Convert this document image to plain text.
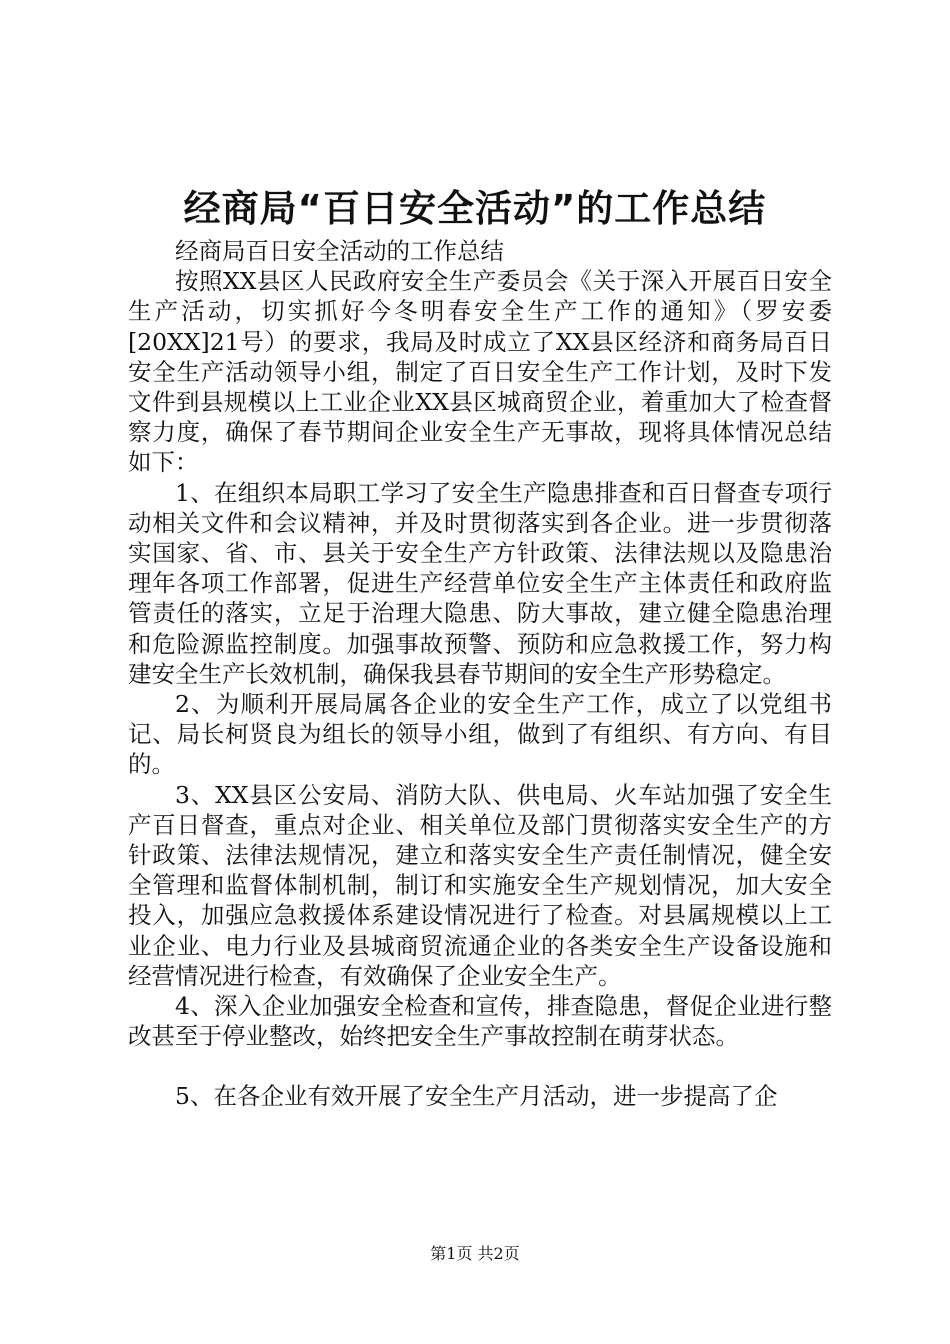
经商局“百日安全活动”的工作总结

经商局百日安全活动的工作总结

按照XX县区人民政府安全生产委员会《关于深入开展百日安全生产活动，切实抓好今冬明春安全生产工作的通知》（罗安委[20XX]21号）的要求，我局及时成立了XX县区经济和商务局百日安全生产活动领导小组，制定了百日安全生产工作计划，及时下发文件到县规模以上工业企业XX县区城商贸企业，着重加大了检查督察力度，确保了春节期间企业安全生产无事故，现将具体情况总结如下：

1、在组织本局职工学习了安全生产隐患排查和百日督查专项行动相关文件和会议精神，并及时贯彻落实到各企业。进一步贯彻落实国家、省、市、县关于安全生产方针政策、法律法规以及隐患治理年各项工作部署，促进生产经营单位安全生产主体责任和政府监管责任的落实，立足于治理大隐患、防大事故，建立健全隐患治理和危险源监控制度。加强事故预警、预防和应急救援工作，努力构建安全生产长效机制，确保我县春节期间的安全生产形势稳定。

2、为顺利开展局属各企业的安全生产工作，成立了以党组书记、局长柯贤良为组长的领导小组，做到了有组织、有方向、有目的。

3、XX县区公安局、消防大队、供电局、火车站加强了安全生产百日督查，重点对企业、相关单位及部门贯彻落实安全生产的方针政策、法律法规情况，建立和落实安全生产责任制情况，健全安全管理和监督体制机制，制订和实施安全生产规划情况，加大安全投入，加强应急救援体系建设情况进行了检查。对县属规模以上工业企业、电力行业及县城商贸流通企业的各类安全生产设备设施和经营情况进行检查，有效确保了企业安全生产。

4、深入企业加强安全检查和宣传，排查隐患，督促企业进行整改甚至于停业整改，始终把安全生产事故控制在萌芽状态。

5、在各企业有效开展了安全生产月活动，进一步提高了企

第1页 共2页
